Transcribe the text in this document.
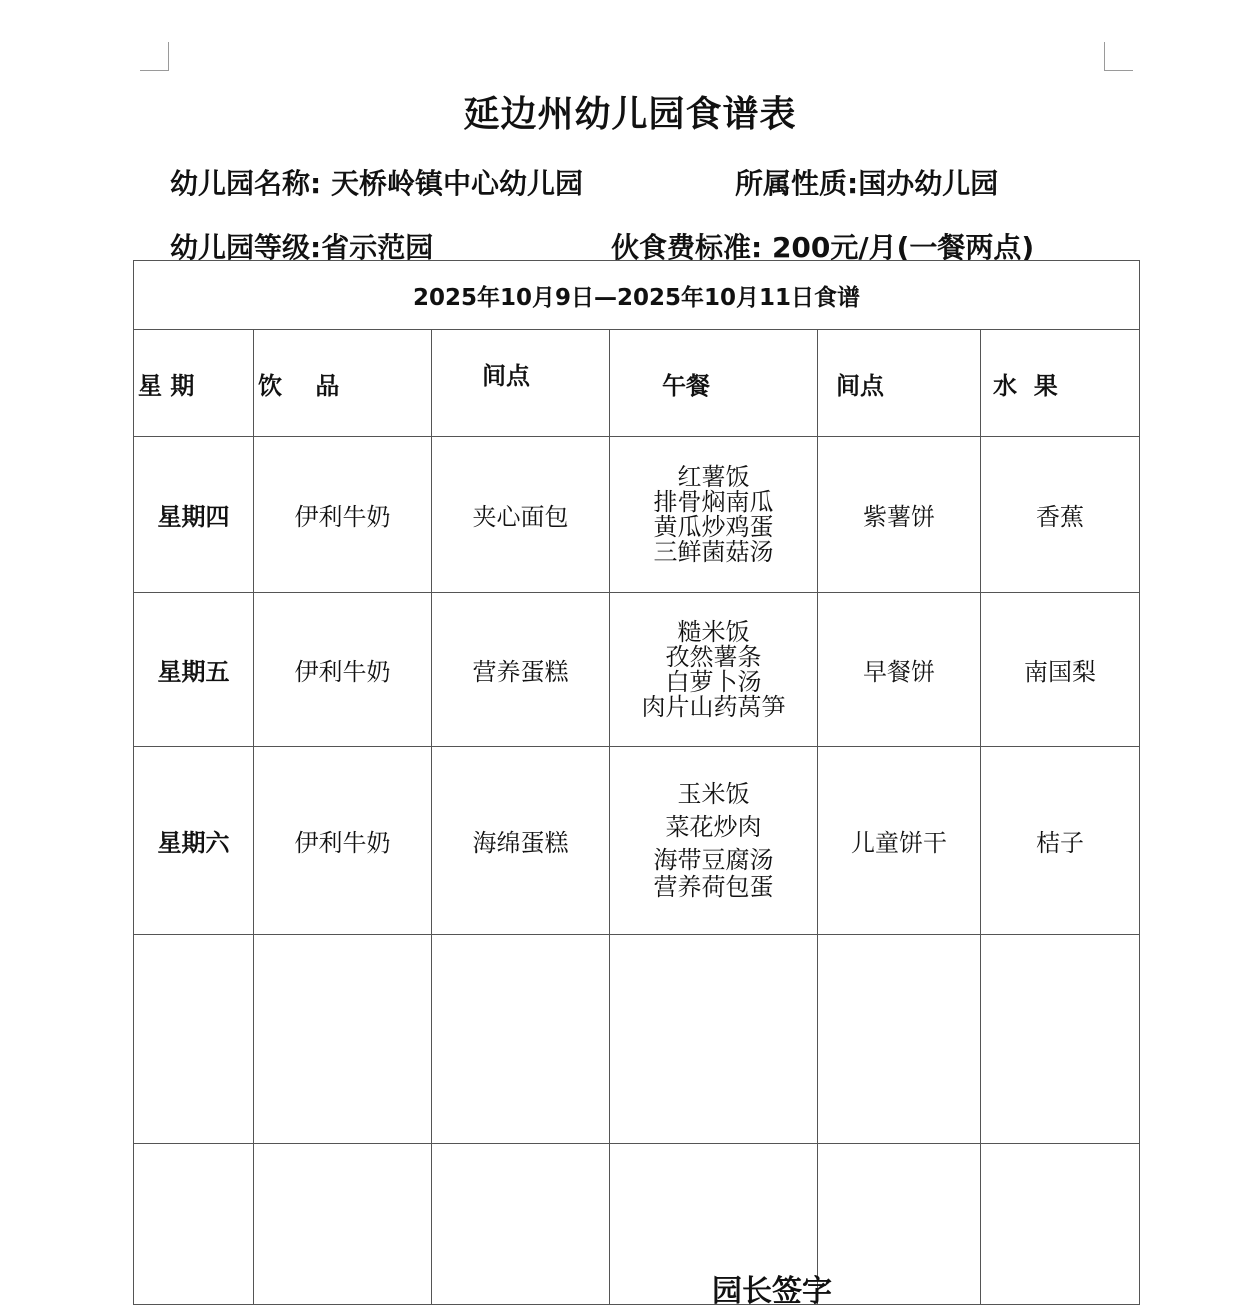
延边州幼儿园食谱表
幼儿园名称: 天桥岭镇中心幼儿园	所属性质:国办幼儿园
幼儿园等级:省示范园	伙食费标准: 200元/月(一餐两点)
2025年10月9日—2025年10月11日食谱					

星 期	饮    品	间点	午餐	间点	水  果

星期四	伊利牛奶	夹心面包	红薯饭
排骨焖南瓜
黄瓜炒鸡蛋
三鲜菌菇汤	紫薯饼	香蕉
星期五	伊利牛奶	营养蛋糕	糙米饭
孜然薯条
白萝卜汤
肉片山药莴笋	早餐饼	南国梨
星期六	伊利牛奶	海绵蛋糕	玉米饭
菜花炒肉
海带豆腐汤
营养荷包蛋	儿童饼干	桔子

园长签字
